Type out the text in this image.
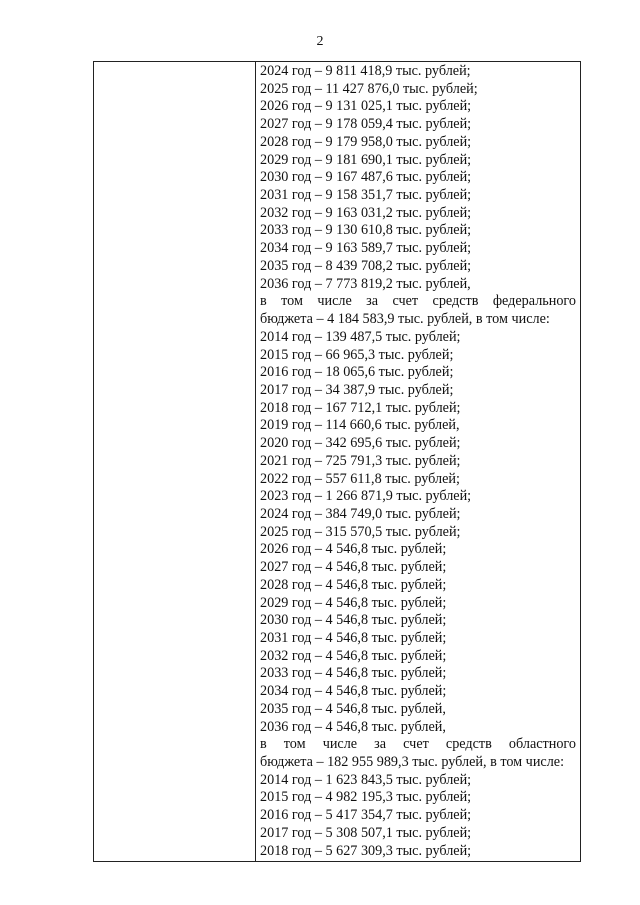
2
2024 год – 9 811 418,9 тыс. рублей;
2025 год – 11 427 876,0 тыс. рублей;
2026 год – 9 131 025,1 тыс. рублей;
2027 год – 9 178 059,4 тыс. рублей;
2028 год – 9 179 958,0 тыс. рублей;
2029 год – 9 181 690,1 тыс. рублей;
2030 год – 9 167 487,6 тыс. рублей;
2031 год – 9 158 351,7 тыс. рублей;
2032 год – 9 163 031,2 тыс. рублей;
2033 год – 9 130 610,8 тыс. рублей;
2034 год – 9 163 589,7 тыс. рублей;
2035 год – 8 439 708,2 тыс. рублей;
2036 год – 7 773 819,2 тыс. рублей,
в том числе за счет средств федерального
бюджета – 4 184 583,9 тыс. рублей, в том числе:
2014 год – 139 487,5 тыс. рублей;
2015 год – 66 965,3 тыс. рублей;
2016 год – 18 065,6 тыс. рублей;
2017 год – 34 387,9 тыс. рублей;
2018 год – 167 712,1 тыс. рублей;
2019 год – 114 660,6 тыс. рублей,
2020 год – 342 695,6 тыс. рублей;
2021 год – 725 791,3 тыс. рублей;
2022 год – 557 611,8 тыс. рублей;
2023 год – 1 266 871,9 тыс. рублей;
2024 год – 384 749,0 тыс. рублей;
2025 год – 315 570,5 тыс. рублей;
2026 год – 4 546,8 тыс. рублей;
2027 год – 4 546,8 тыс. рублей;
2028 год – 4 546,8 тыс. рублей;
2029 год – 4 546,8 тыс. рублей;
2030 год – 4 546,8 тыс. рублей;
2031 год – 4 546,8 тыс. рублей;
2032 год – 4 546,8 тыс. рублей;
2033 год – 4 546,8 тыс. рублей;
2034 год – 4 546,8 тыс. рублей;
2035 год – 4 546,8 тыс. рублей,
2036 год – 4 546,8 тыс. рублей,
в том числе за счет средств областного
бюджета – 182 955 989,3 тыс. рублей, в том числе:
2014 год – 1 623 843,5 тыс. рублей;
2015 год – 4 982 195,3 тыс. рублей;
2016 год – 5 417 354,7 тыс. рублей;
2017 год – 5 308 507,1 тыс. рублей;
2018 год – 5 627 309,3 тыс. рублей;
